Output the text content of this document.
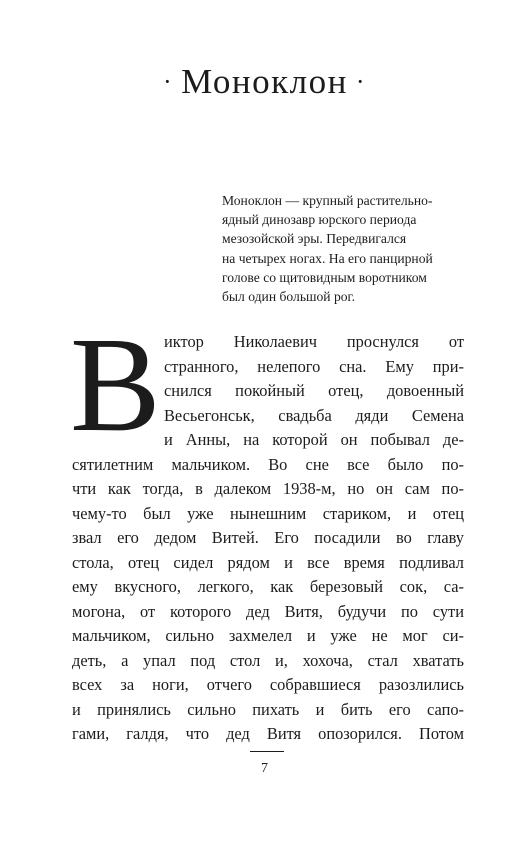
· Моноклон ·
Моноклон — крупный растительно-
ядный динозавр юрского периода
мезозойской эры. Передвигался
на четырех ногах. На его панцирной
голове со щитовидным воротником
был один большой рог.
В иктор Николаевич проснулся от
странного, нелепого сна. Ему при-
снился покойный отец, довоенный
Весьегонськ, свадьба дяди Семена
и Анны, на которой он побывал де-
сятилетним мальчиком. Во сне все было по-
чти как тогда, в далеком 1938-м, но он сам по-
чему-то был уже нынешним стариком, и отец
звал его дедом Витей. Его посадили во главу
стола, отец сидел рядом и все время подливал
ему вкусного, легкого, как березовый сок, са-
могона, от которого дед Витя, будучи по сути
мальчиком, сильно захмелел и уже не мог си-
деть, а упал под стол и, хохоча, стал хватать
всех за ноги, отчего собравшиеся разозлились
и принялись сильно пихать и бить его сапо-
гами, галдя, что дед Витя опозорился. Потом
7
